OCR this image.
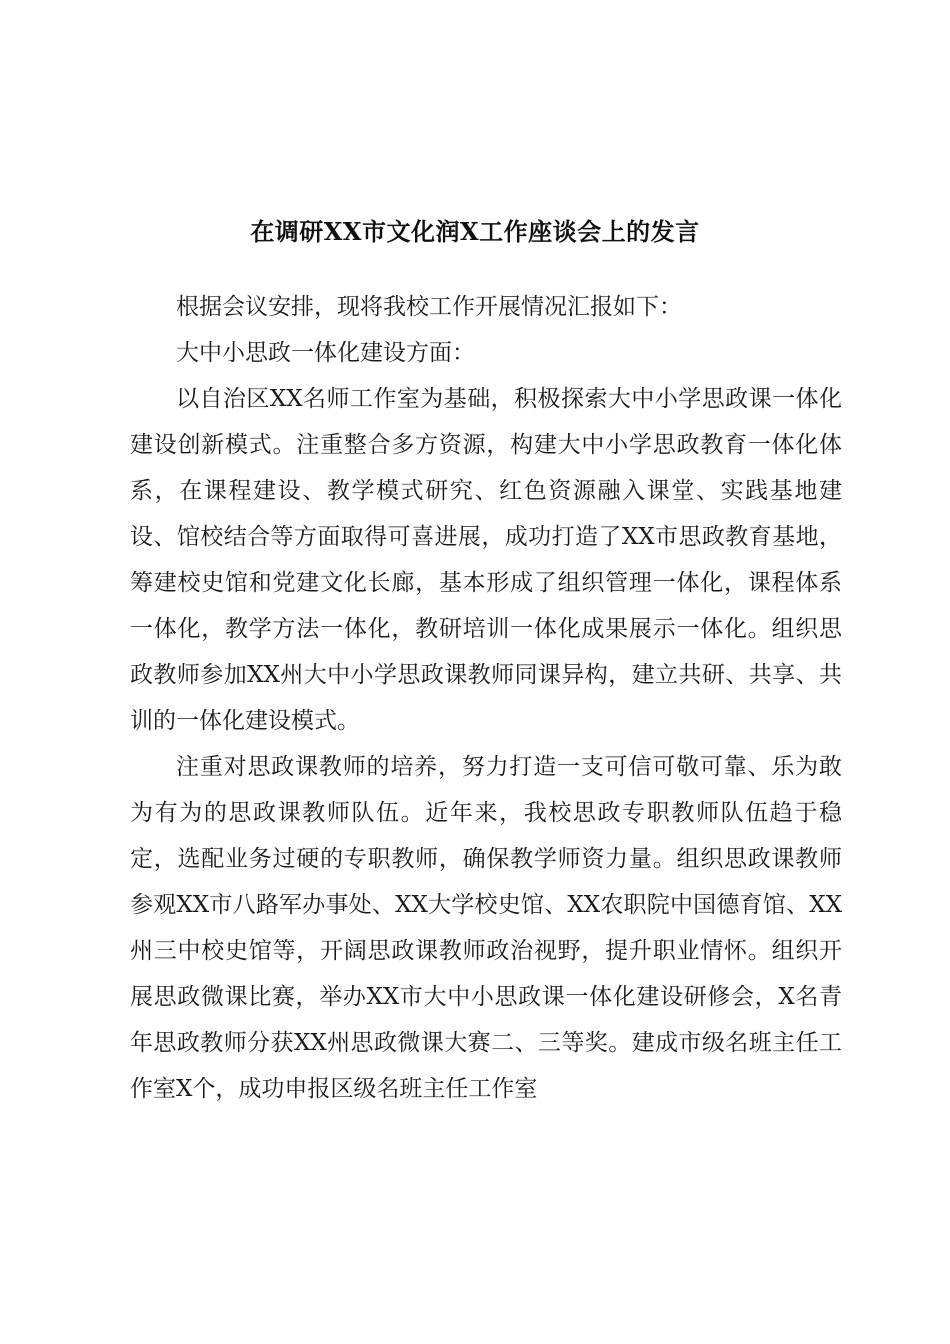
在调研XX市文化润X工作座谈会上的发言

根据会议安排，现将我校工作开展情况汇报如下：

大中小思政一体化建设方面：

以自治区XX名师工作室为基础，积极探索大中小学思政课一体化建设创新模式。注重整合多方资源，构建大中小学思政教育一体化体系，在课程建设、教学模式研究、红色资源融入课堂、实践基地建设、馆校结合等方面取得可喜进展，成功打造了XX市思政教育基地，筹建校史馆和党建文化长廊，基本形成了组织管理一体化，课程体系一体化，教学方法一体化，教研培训一体化成果展示一体化。组织思政教师参加XX州大中小学思政课教师同课异构，建立共研、共享、共训的一体化建设模式。

注重对思政课教师的培养，努力打造一支可信可敬可靠、乐为敢为有为的思政课教师队伍。近年来，我校思政专职教师队伍趋于稳定，选配业务过硬的专职教师，确保教学师资力量。组织思政课教师参观XX市八路军办事处、XX大学校史馆、XX农职院中国德育馆、XX州三中校史馆等，开阔思政课教师政治视野，提升职业情怀。组织开展思政微课比赛，举办XX市大中小思政课一体化建设研修会，X名青年思政教师分获XX州思政微课大赛二、三等奖。建成市级名班主任工作室X个，成功申报区级名班主任工作室
